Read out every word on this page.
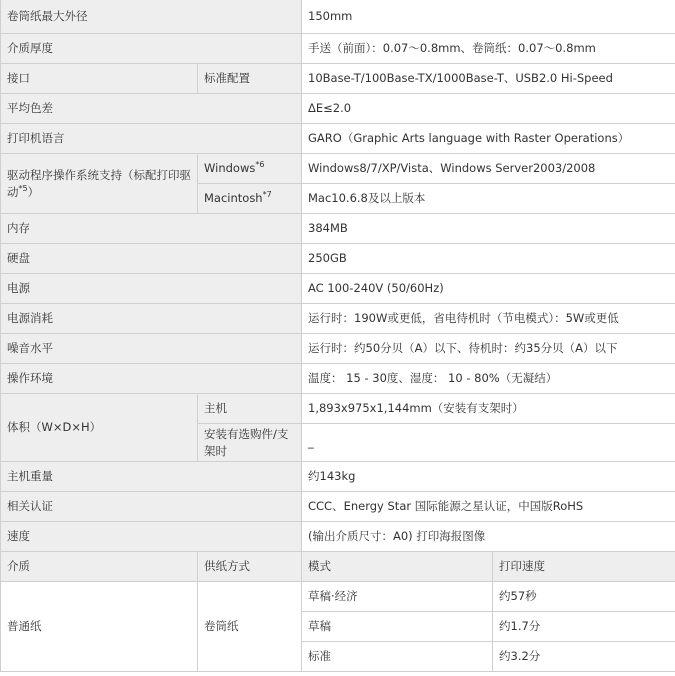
卷筒纸最大外径		150mm	
介质厚度		手送（前面）：0.07～0.8mm、卷筒纸：0.07～0.8mm	
接口	标准配置	10Base-T/100Base-TX/1000Base-T、USB2.0 Hi-Speed	
平均色差		ΔE≤2.0	
打印机语言		GARO（Graphic Arts language with Raster Operations）	
驱动程序操作系统支持（标配打印驱动$^{*5}$）	Windows$^{*6}$	Windows8/7/XP/Vista、Windows Server2003/2008	
	Macintosh$^{*7}$	Mac10.6.8及以上版本	
内存		384MB	
硬盘		250GB	
电源		AC 100-240V (50/60Hz)	
电源消耗		运行时：190W或更低，省电待机时（节电模式）：5W或更低	
噪音水平		运行时：约50分贝（A）以下、待机时：约35分贝（A）以下	
操作环境		温度： 15 - 30度、湿度： 10 - 80%（无凝结）	
体积（W×D×H）	主机	1,893x975x1,144mm（安装有支架时）	
	安装有选购件/支架时	_	
主机重量		约143kg	
相关认证		CCC、Energy Star 国际能源之星认证，中国版RoHS	
速度		(输出介质尺寸：A0) 打印海报图像	
介质	供纸方式	模式	打印速度
普通纸	卷筒纸	草稿·经济	约57秒
		草稿	约1.7分
		标准	约3.2分
